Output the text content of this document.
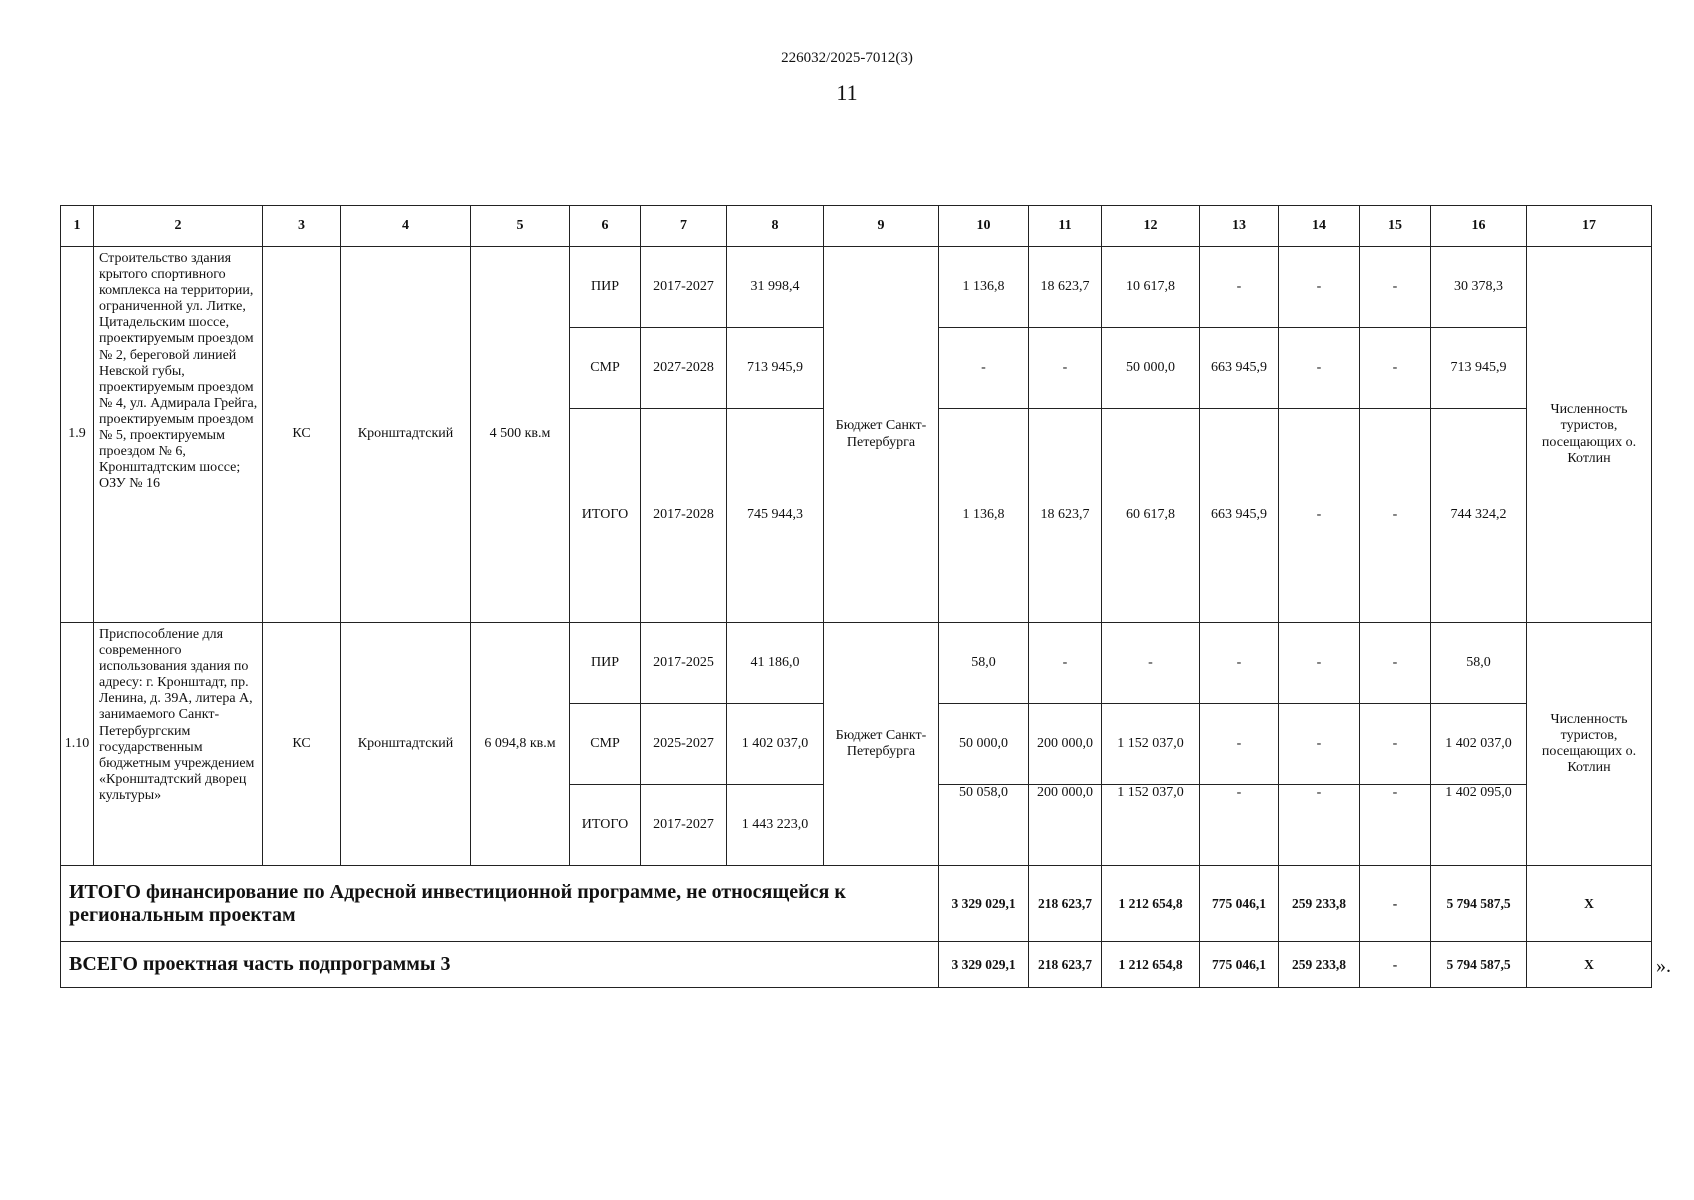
226032/2025-7012(3)
11
1	2	3	4	5	6	7	8	9	10	11	12	13	14	15	16	17
1.9	Строительство здания крытого спортивного комплекса на территории, ограниченной ул. Литке, Цитадельским шоссе, проектируемым проездом № 2, береговой линией Невской губы, проектируемым проездом № 4, ул. Адмирала Грейга, проектируемым проездом № 5, проектируемым проездом № 6, Кронштадтским шоссе; ОЗУ № 16	КС	Кронштадтский	4 500 кв.м	ПИР	2017-2027	31 998,4	Бюджет Санкт-Петербурга	1 136,8	18 623,7	10 617,8	-	-	-	30 378,3	Численность туристов, посещающих о. Котлин
					СМР	2027-2028	713 945,9		-	-	50 000,0	663 945,9	-	-	713 945,9	
					ИТОГО	2017-2028	745 944,3		1 136,8	18 623,7	60 617,8	663 945,9	-	-	744 324,2	
1.10	Приспособление для современного использования здания по адресу: г. Кронштадт, пр. Ленина, д. 39А, литера А, занимаемого Санкт-Петербургским государственным бюджетным учреждением «Кронштадтский дворец культуры»	КС	Кронштадтский	6 094,8 кв.м	ПИР	2017-2025	41 186,0	Бюджет Санкт-Петербурга	58,0	-	-	-	-	-	58,0	Численность туристов, посещающих о. Котлин
					СМР	2025-2027	1 402 037,0		50 000,0	200 000,0	1 152 037,0	-	-	-	1 402 037,0	
					ИТОГО	2017-2027	1 443 223,0		50 058,0	200 000,0	1 152 037,0	-	-	-	1 402 095,0	
ИТОГО финансирование по Адресной инвестиционной программе, не относящейся к региональным проектам									3 329 029,1	218 623,7	1 212 654,8	775 046,1	259 233,8	-	5 794 587,5	Х
ВСЕГО проектная часть подпрограммы 3									3 329 029,1	218 623,7	1 212 654,8	775 046,1	259 233,8	-	5 794 587,5	Х	».
